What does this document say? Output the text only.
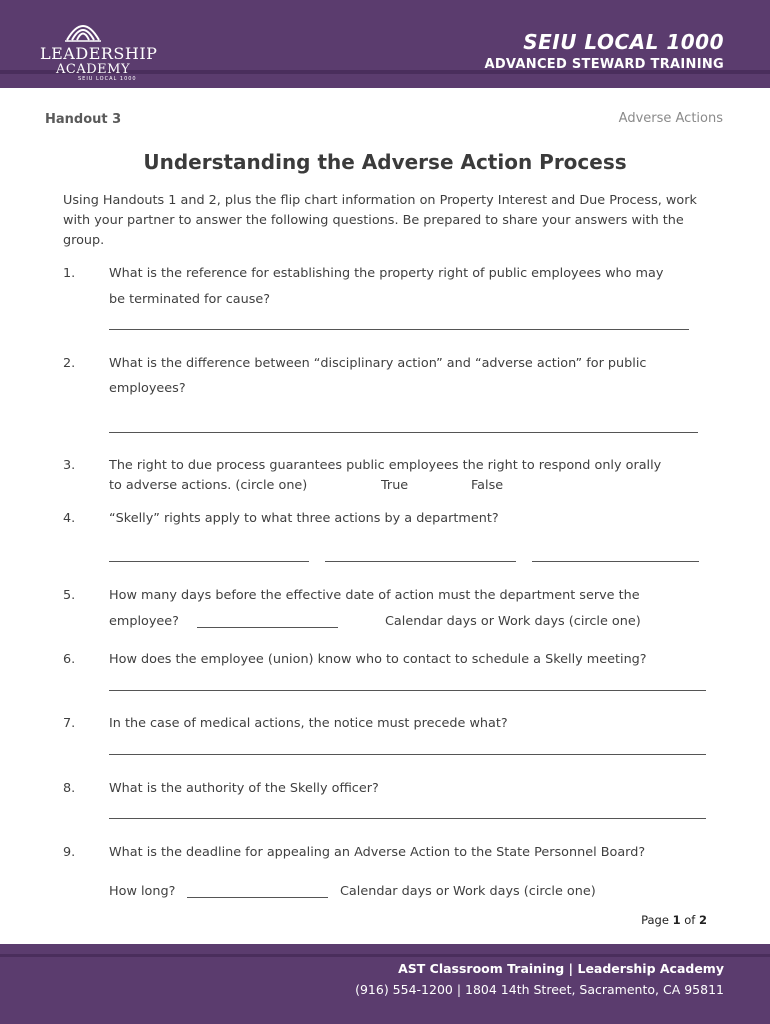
LEADERSHIP
ACADEMY
SEIU LOCAL 1000
SEIU LOCAL 1000
ADVANCED STEWARD TRAINING
Handout 3	Adverse Actions
Understanding the Adverse Action Process
Using Handouts 1 and 2, plus the flip chart information on Property Interest and Due Process, work with your partner to answer the following questions. Be prepared to share your answers with the group.
1.	What is the reference for establishing the property right of public employees who may
be terminated for cause?
2.	What is the difference between “disciplinary action” and “adverse action” for public
employees?
3.	The right to due process guarantees public employees the right to respond only orally
to adverse actions. (circle one)	True	False
4.	“Skelly” rights apply to what three actions by a department?
5.	How many days before the effective date of action must the department serve the
employee?	Calendar days or Work days (circle one)
6.	How does the employee (union) know who to contact to schedule a Skelly meeting?
7.	In the case of medical actions, the notice must precede what?
8.	What is the authority of the Skelly officer?
9.	What is the deadline for appealing an Adverse Action to the State Personnel Board?
How long?	Calendar days or Work days (circle one)
Page 1 of 2
AST Classroom Training | Leadership Academy
(916) 554-1200 | 1804 14th Street, Sacramento, CA 95811
